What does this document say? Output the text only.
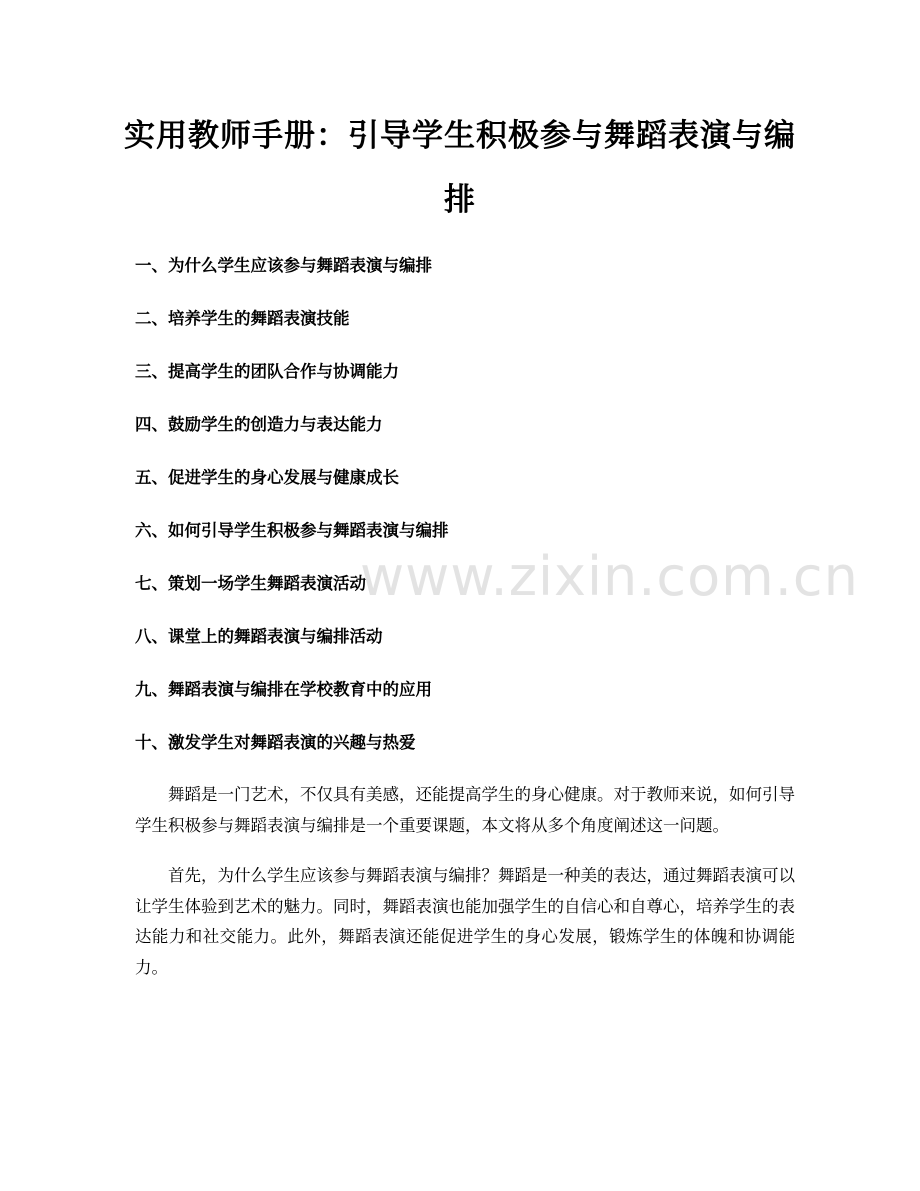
实用教师手册：引导学生积极参与舞蹈表演与编排
一、为什么学生应该参与舞蹈表演与编排
二、培养学生的舞蹈表演技能
三、提高学生的团队合作与协调能力
四、鼓励学生的创造力与表达能力
五、促进学生的身心发展与健康成长
六、如何引导学生积极参与舞蹈表演与编排
七、策划一场学生舞蹈表演活动
八、课堂上的舞蹈表演与编排活动
九、舞蹈表演与编排在学校教育中的应用
十、激发学生对舞蹈表演的兴趣与热爱

舞蹈是一门艺术，不仅具有美感，还能提高学生的身心健康。对于教师来说，如何引导学生积极参与舞蹈表演与编排是一个重要课题，本文将从多个角度阐述这一问题。

首先，为什么学生应该参与舞蹈表演与编排？舞蹈是一种美的表达，通过舞蹈表演可以让学生体验到艺术的魅力。同时，舞蹈表演也能加强学生的自信心和自尊心，培养学生的表达能力和社交能力。此外，舞蹈表演还能促进学生的身心发展，锻炼学生的体魄和协调能力。

www.zixin.com.cn
